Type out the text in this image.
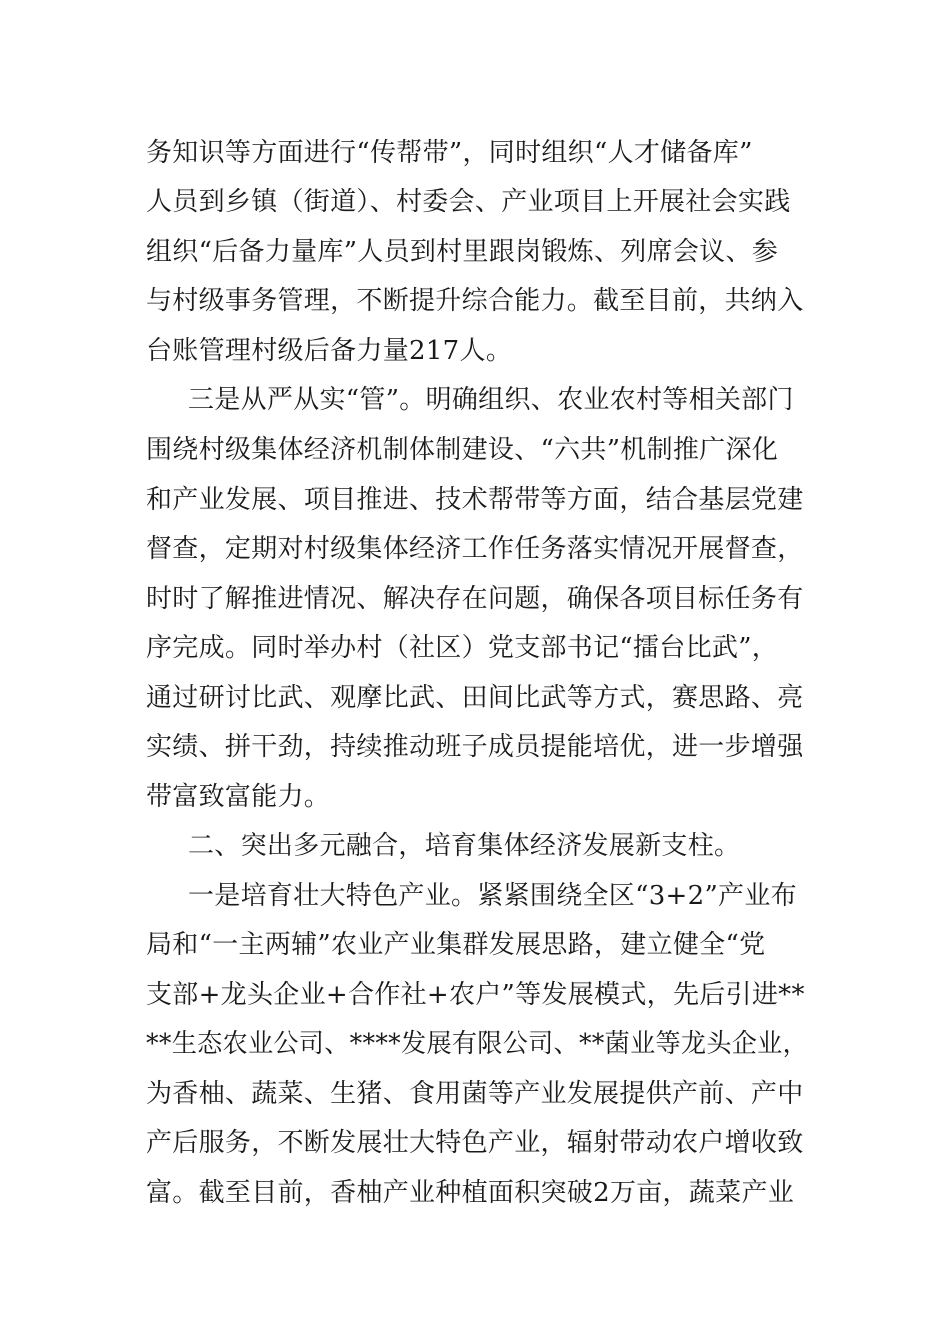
务知识等方面进行“传帮带”，同时组织“人才储备库”
人员到乡镇（街道）、村委会、产业项目上开展社会实践
组织“后备力量库”人员到村里跟岗锻炼、列席会议、参
与村级事务管理，不断提升综合能力。截至目前，共纳入
台账管理村级后备力量217人。
三是从严从实“管”。明确组织、农业农村等相关部门
围绕村级集体经济机制体制建设、“六共”机制推广深化
和产业发展、项目推进、技术帮带等方面，结合基层党建
督查，定期对村级集体经济工作任务落实情况开展督查，
时时了解推进情况、解决存在问题，确保各项目标任务有
序完成。同时举办村（社区）党支部书记“擂台比武”，
通过研讨比武、观摩比武、田间比武等方式，赛思路、亮
实绩、拼干劲，持续推动班子成员提能培优，进一步增强
带富致富能力。
二、突出多元融合，培育集体经济发展新支柱。
一是培育壮大特色产业。紧紧围绕全区“3+2”产业布
局和“一主两辅”农业产业集群发展思路，建立健全“党
支部+龙头企业+合作社+农户”等发展模式，先后引进**
**生态农业公司、****发展有限公司、**菌业等龙头企业，
为香柚、蔬菜、生猪、食用菌等产业发展提供产前、产中
产后服务，不断发展壮大特色产业，辐射带动农户增收致
富。截至目前，香柚产业种植面积突破2万亩，蔬菜产业
